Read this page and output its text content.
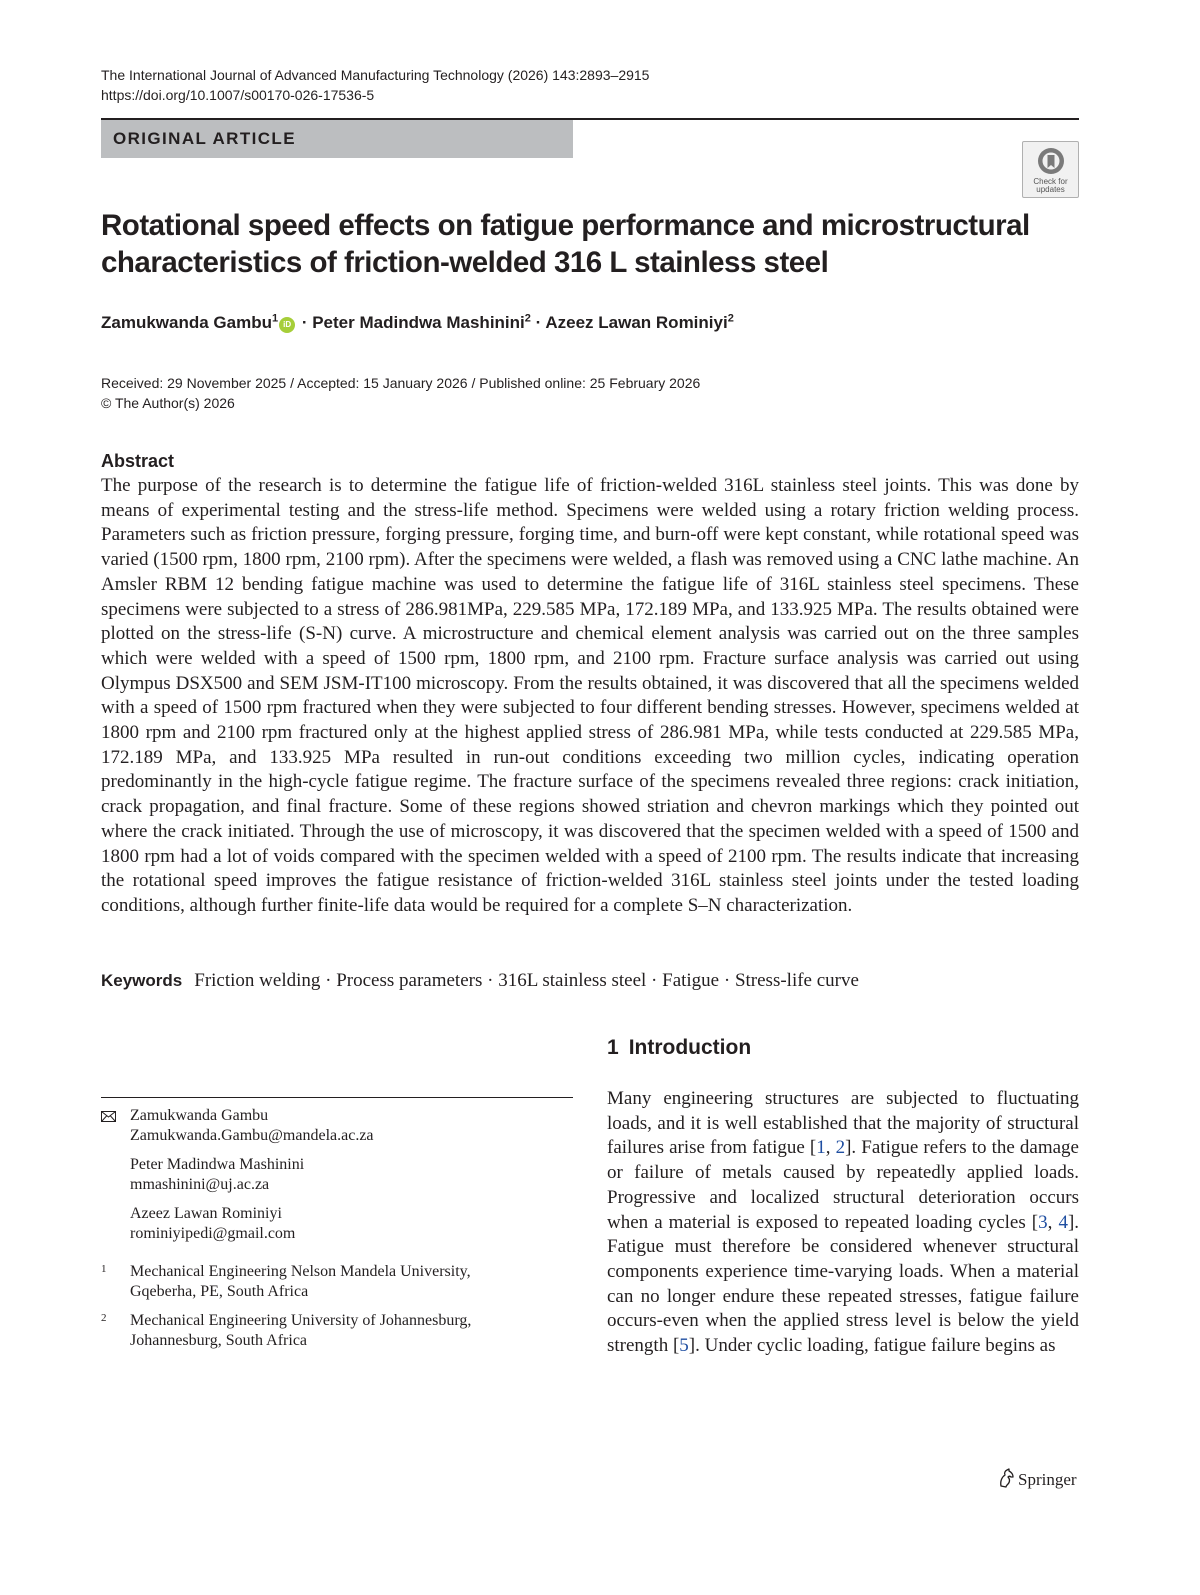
The International Journal of Advanced Manufacturing Technology (2026) 143:2893–2915
https://doi.org/10.1007/s00170-026-17536-5
ORIGINAL ARTICLE
Check for
updates
Rotational speed effects on fatigue performance and microstructural characteristics of friction-welded 316 L stainless steel
Zamukwanda Gambu$^1$iD · Peter Madindwa Mashinini$^2$ · Azeez Lawan Rominiyi$^2$
Received: 29 November 2025 / Accepted: 15 January 2026 / Published online: 25 February 2026
© The Author(s) 2026
Abstract

The purpose of the research is to determine the fatigue life of friction-welded 316L stainless steel joints. This was done by means of experimental testing and the stress-life method. Specimens were welded using a rotary friction welding process. Parameters such as friction pressure, forging pressure, forging time, and burn-off were kept constant, while rotational speed was varied (1500 rpm, 1800 rpm, 2100 rpm). After the specimens were welded, a flash was removed using a CNC lathe machine. An Amsler RBM 12 bending fatigue machine was used to determine the fatigue life of 316L stainless steel specimens. These specimens were subjected to a stress of 286.981MPa, 229.585 MPa, 172.189 MPa, and 133.925 MPa. The results obtained were plotted on the stress-life (S-N) curve. A microstructure and chemical element analysis was carried out on the three samples which were welded with a speed of 1500 rpm, 1800 rpm, and 2100 rpm. Fracture surface analysis was carried out using Olympus DSX500 and SEM JSM-IT100 microscopy. From the results obtained, it was discovered that all the specimens welded with a speed of 1500 rpm fractured when they were subjected to four different bending stresses. However, specimens welded at 1800 rpm and 2100 rpm fractured only at the highest applied stress of 286.981 MPa, while tests conducted at 229.585 MPa, 172.189 MPa, and 133.925 MPa resulted in run-out conditions exceeding two million cycles, indicating operation predominantly in the high-cycle fatigue regime. The fracture surface of the specimens revealed three regions: crack initiation, crack propagation, and final fracture. Some of these regions showed striation and chevron markings which they pointed out where the crack initiated. Through the use of microscopy, it was discovered that the specimen welded with a speed of 1500 and 1800 rpm had a lot of voids compared with the specimen welded with a speed of 2100 rpm. The results indicate that increasing the rotational speed improves the fatigue resistance of friction-welded 316L stainless steel joints under the tested loading conditions, although further finite-life data would be required for a complete S–N characterization.

Keywords Friction welding · Process parameters · 316L stainless steel · Fatigue · Stress-life curve
Zamukwanda Gambu
Zamukwanda.Gambu@mandela.ac.za
Peter Madindwa Mashinini
mmashinini@uj.ac.za
Azeez Lawan Rominiyi
rominiyipedi@gmail.com
1 Mechanical Engineering Nelson Mandela University,
Gqeberha, PE, South Africa
2 Mechanical Engineering University of Johannesburg,
Johannesburg, South Africa
1 Introduction

Many engineering structures are subjected to fluctuating loads, and it is well established that the majority of structural failures arise from fatigue [1, 2]. Fatigue refers to the damage or failure of metals caused by repeatedly applied loads. Progressive and localized structural deterioration occurs when a material is exposed to repeated loading cycles [3, 4]. Fatigue must therefore be considered whenever structural components experience time-varying loads. When a material can no longer endure these repeated stresses, fatigue failure occurs-even when the applied stress level is below the yield strength [5]. Under cyclic loading, fatigue failure begins as

Springer
